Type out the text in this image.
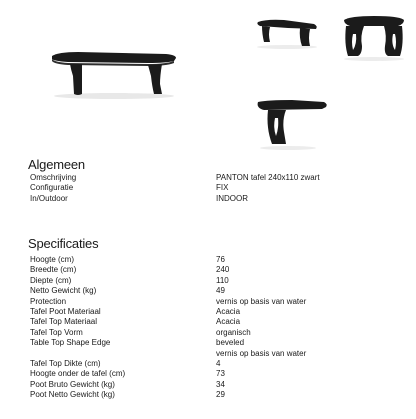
Algemeen
Omschrijving	PANTON tafel 240x110 zwart
Configuratie	FIX
In/Outdoor	INDOOR
Specificaties
Hoogte (cm)	76
Breedte (cm)	240
Diepte (cm)	110
Netto Gewicht (kg)	49
Protection	vernis op basis van water
Tafel Poot Materiaal	Acacia
Tafel Top Materiaal	Acacia
Tafel Top Vorm	organisch
Table Top Shape Edge	beveled
vernis op basis van water
Tafel Top Dikte (cm)	4
Hoogte onder de tafel (cm)	73
Poot Bruto Gewicht (kg)	34
Poot Netto Gewicht (kg)	29
